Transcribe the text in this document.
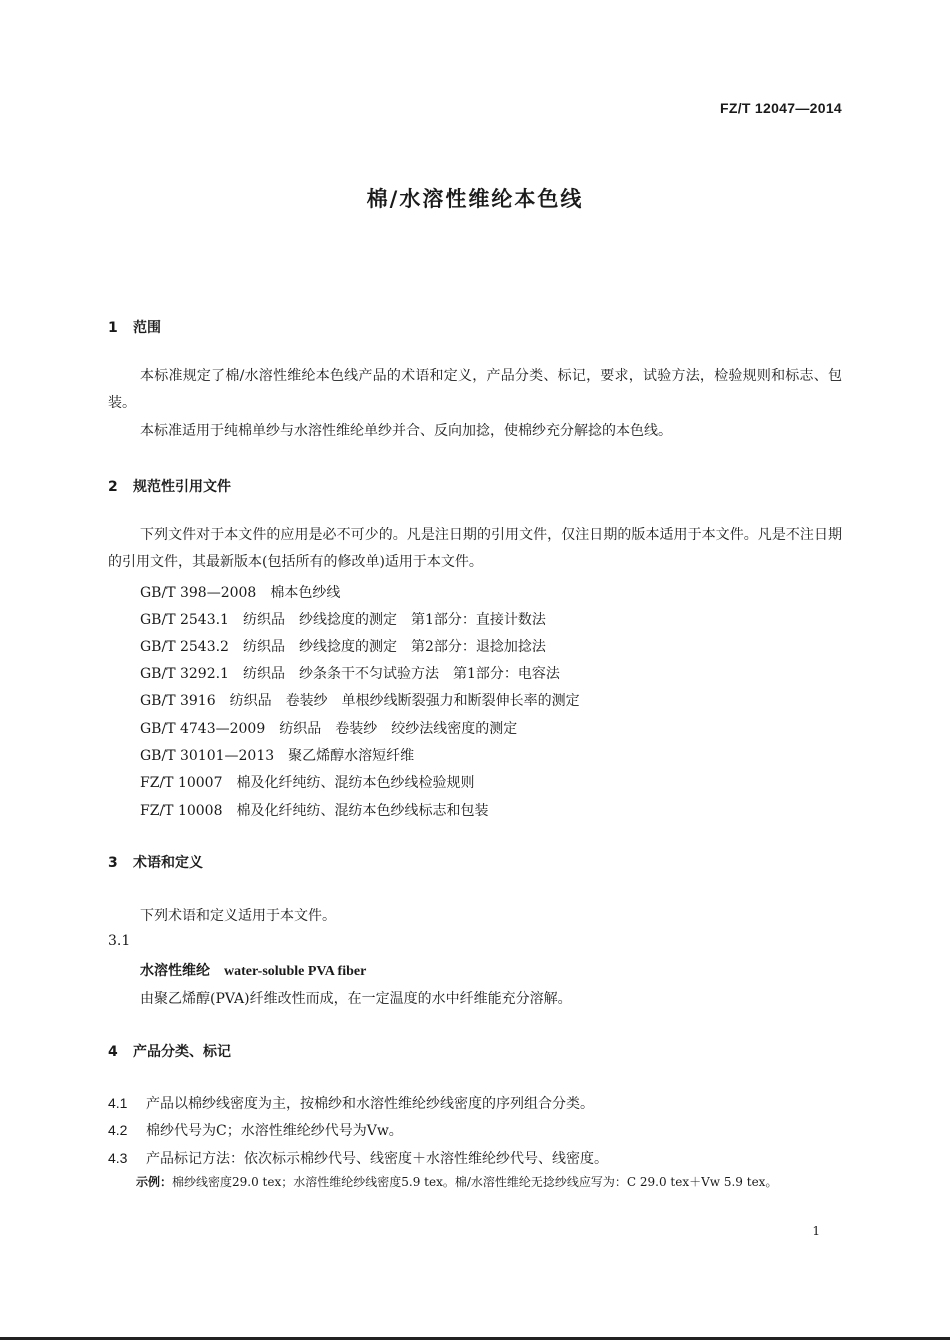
FZ/T 12047—2014
棉/水溶性维纶本色线
1 范围
本标准规定了棉/水溶性维纶本色线产品的术语和定义，产品分类、标记，要求，试验方法，检验规则和标志、包装。
本标准适用于纯棉单纱与水溶性维纶单纱并合、反向加捻，使棉纱充分解捻的本色线。
2 规范性引用文件
下列文件对于本文件的应用是必不可少的。凡是注日期的引用文件，仅注日期的版本适用于本文件。凡是不注日期的引用文件，其最新版本(包括所有的修改单)适用于本文件。
GB/T 398—2008　棉本色纱线
GB/T 2543.1　纺织品　纱线捻度的测定　第1部分：直接计数法
GB/T 2543.2　纺织品　纱线捻度的测定　第2部分：退捻加捻法
GB/T 3292.1　纺织品　纱条条干不匀试验方法　第1部分：电容法
GB/T 3916　纺织品　卷装纱　单根纱线断裂强力和断裂伸长率的测定
GB/T 4743—2009　纺织品　卷装纱　绞纱法线密度的测定
GB/T 30101—2013　聚乙烯醇水溶短纤维
FZ/T 10007　棉及化纤纯纺、混纺本色纱线检验规则
FZ/T 10008　棉及化纤纯纺、混纺本色纱线标志和包装
3 术语和定义
下列术语和定义适用于本文件。
3.1
水溶性维纶 water-soluble PVA fiber
由聚乙烯醇(PVA)纤维改性而成，在一定温度的水中纤维能充分溶解。
4 产品分类、标记
4.1 产品以棉纱线密度为主，按棉纱和水溶性维纶纱线密度的序列组合分类。
4.2 棉纱代号为C；水溶性维纶纱代号为Vw。
4.3 产品标记方法：依次标示棉纱代号、线密度＋水溶性维纶纱代号、线密度。
示例：棉纱线密度29.0 tex；水溶性维纶纱线密度5.9 tex。棉/水溶性维纶无捻纱线应写为：C 29.0 tex＋Vw 5.9 tex。
1
